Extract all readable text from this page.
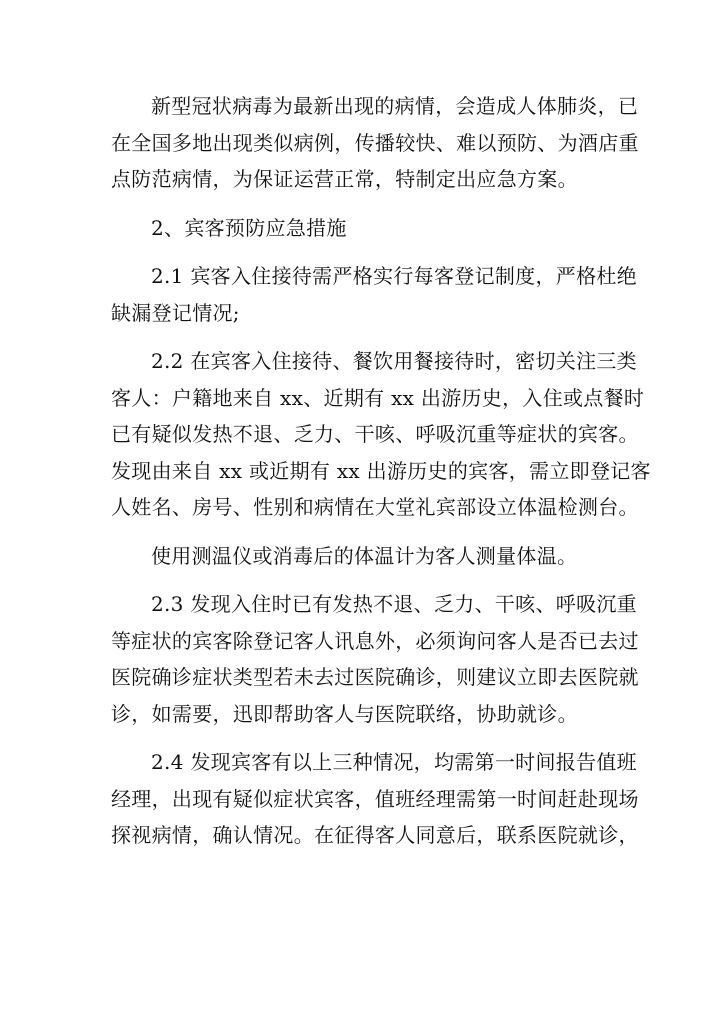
新型冠状病毒为最新出现的病情，会造成人体肺炎，已
在全国多地出现类似病例，传播较快、难以预防、为酒店重
点防范病情，为保证运营正常，特制定出应急方案。

2、宾客预防应急措施

2.1 宾客入住接待需严格实行每客登记制度，严格杜绝
缺漏登记情况;

2.2 在宾客入住接待、餐饮用餐接待时，密切关注三类
客人：户籍地来自 xx、近期有 xx 出游历史，入住或点餐时
已有疑似发热不退、乏力、干咳、呼吸沉重等症状的宾客。
发现由来自 xx 或近期有 xx 出游历史的宾客，需立即登记客
人姓名、房号、性别和病情在大堂礼宾部设立体温检测台。

使用测温仪或消毒后的体温计为客人测量体温。

2.3 发现入住时已有发热不退、乏力、干咳、呼吸沉重
等症状的宾客除登记客人讯息外，必须询问客人是否已去过
医院确诊症状类型若未去过医院确诊，则建议立即去医院就
诊，如需要，迅即帮助客人与医院联络，协助就诊。

2.4 发现宾客有以上三种情况，均需第一时间报告值班
经理，出现有疑似症状宾客，值班经理需第一时间赶赴现场
探视病情，确认情况。在征得客人同意后，联系医院就诊，
